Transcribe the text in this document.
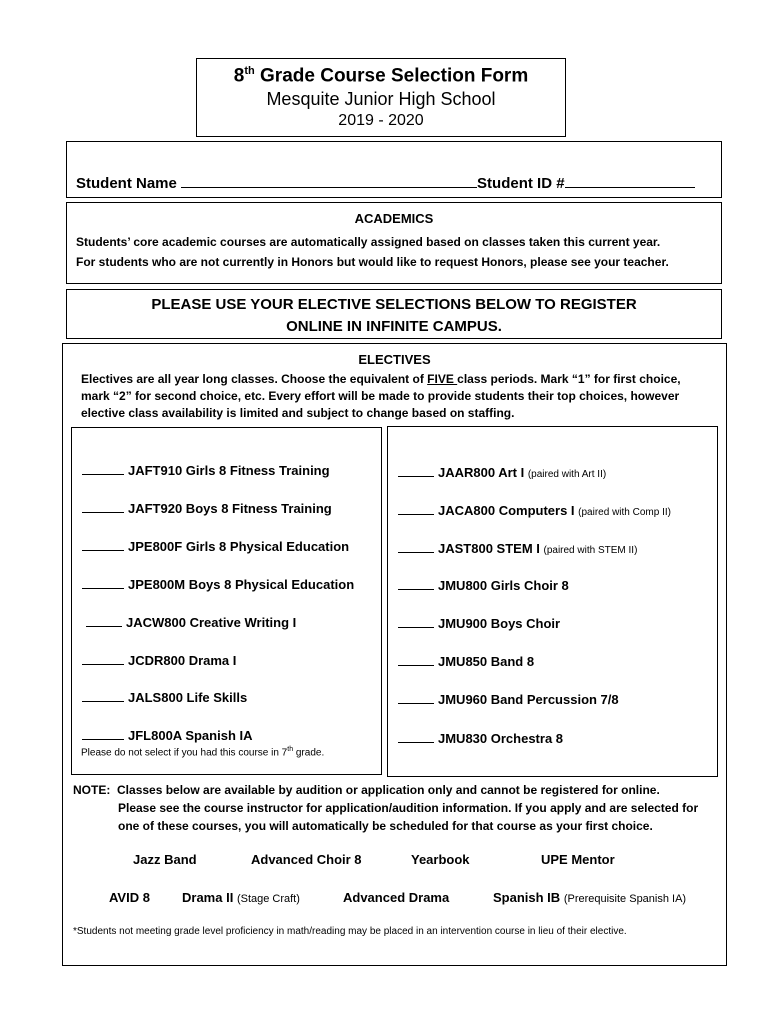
8th Grade Course Selection Form
Mesquite Junior High School
2019 - 2020
Student Name	Student ID #
ACADEMICS
Students’ core academic courses are automatically assigned based on classes taken this current year.
For students who are not currently in Honors but would like to request Honors, please see your teacher.
PLEASE USE YOUR ELECTIVE SELECTIONS BELOW TO REGISTER
ONLINE IN INFINITE CAMPUS.
ELECTIVES
Electives are all year long classes. Choose the equivalent of FIVE class periods. Mark “1” for first choice, mark “2” for second choice, etc. Every effort will be made to provide students their top choices, however elective class availability is limited and subject to change based on staffing.
JAFT910 Girls 8 Fitness Training
JAFT920 Boys 8 Fitness Training
JPE800F Girls 8 Physical Education
JPE800M Boys 8 Physical Education
JACW800 Creative Writing I
JCDR800 Drama I
JALS800 Life Skills
JFL800A Spanish IA
Please do not select if you had this course in 7th grade.
JAAR800 Art I (paired with Art II)
JACA800 Computers I (paired with Comp II)
JAST800 STEM I (paired with STEM II)
JMU800 Girls Choir 8
JMU900 Boys Choir
JMU850 Band 8
JMU960 Band Percussion 7/8
JMU830 Orchestra 8
NOTE: Classes below are available by audition or application only and cannot be registered for online.
Please see the course instructor for application/audition information. If you apply and are selected for
one of these courses, you will automatically be scheduled for that course as your first choice.
Jazz Band	Advanced Choir 8	Yearbook	UPE Mentor
AVID 8 Drama II (Stage Craft)	Advanced Drama	Spanish IB (Prerequisite Spanish IA)
*Students not meeting grade level proficiency in math/reading may be placed in an intervention course in lieu of their elective.
